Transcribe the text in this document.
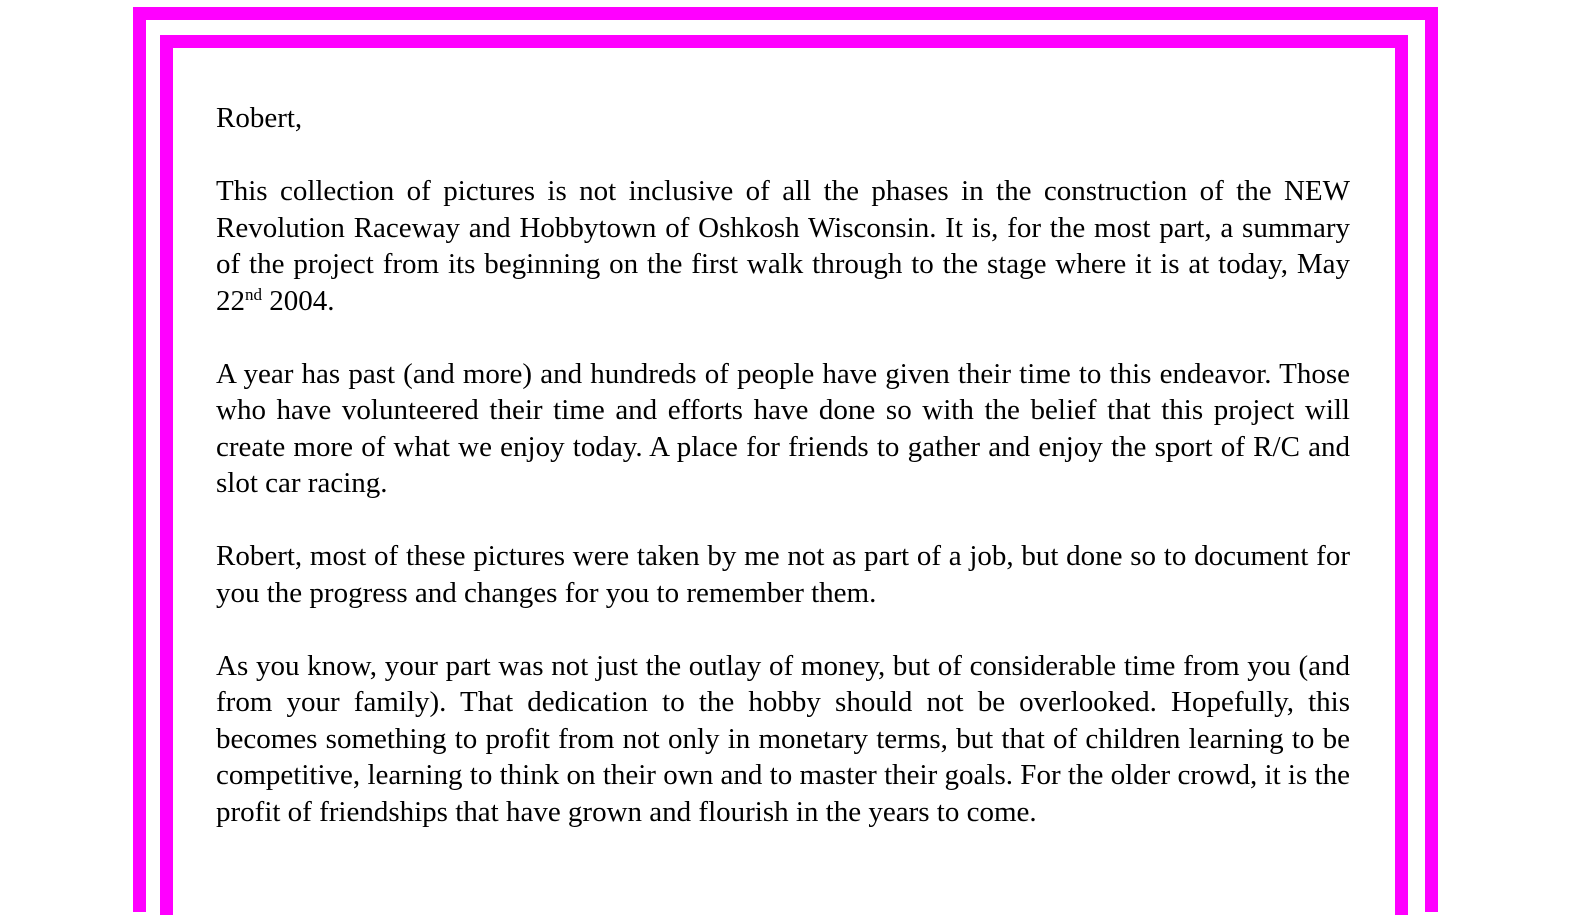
Robert,

This collection of pictures is not inclusive of all the phases in the construction of the NEW Revolution Raceway and Hobbytown of Oshkosh Wisconsin. It is, for the most part, a summary of the project from its beginning on the first walk through to the stage where it is at today, May 22nd 2004.

A year has past (and more) and hundreds of people have given their time to this endeavor. Those who have volunteered their time and efforts have done so with the belief that this project will create more of what we enjoy today. A place for friends to gather and enjoy the sport of R/C and slot car racing.

Robert, most of these pictures were taken by me not as part of a job, but done so to document for you the progress and changes for you to remember them.

As you know, your part was not just the outlay of money, but of considerable time from you (and from your family). That dedication to the hobby should not be overlooked. Hopefully, this becomes something to profit from not only in monetary terms, but that of children learning to be competitive, learning to think on their own and to master their goals. For the older crowd, it is the profit of friendships that have grown and flourish in the years to come.
